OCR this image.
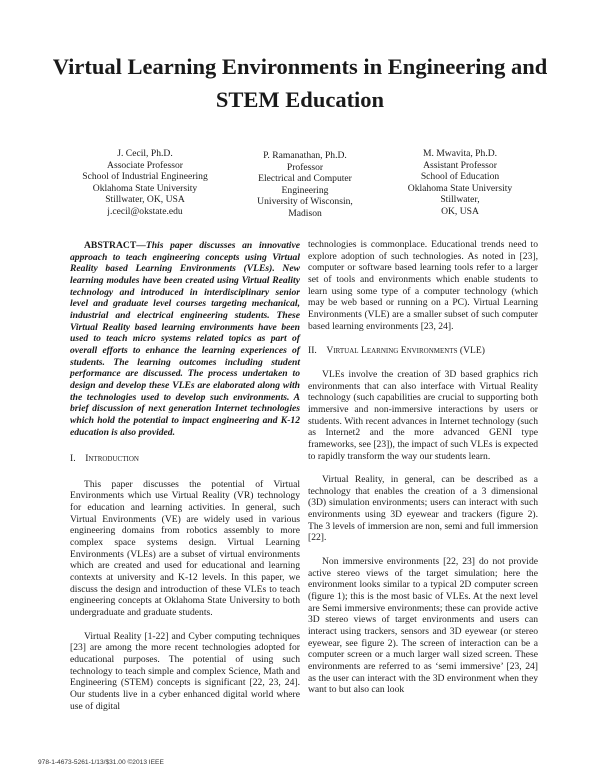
Virtual Learning Environments in Engineering and STEM Education
J. Cecil, Ph.D.
Associate Professor
School of Industrial Engineering
Oklahoma State University
Stillwater, OK, USA
j.cecil@okstate.edu
P. Ramanathan, Ph.D.
Professor
Electrical and Computer
Engineering
University of Wisconsin,
Madison
M. Mwavita, Ph.D.
Assistant Professor
School of Education
Oklahoma State University
Stillwater,
OK, USA

ABSTRACT—This paper discusses an innovative approach to teach engineering concepts using Virtual Reality based Learning Environments (VLEs). New learning modules have been created using Virtual Reality technology and introduced in interdisciplinary senior level and graduate level courses targeting mechanical, industrial and electrical engineering students. These Virtual Reality based learning environments have been used to teach micro systems related topics as part of overall efforts to enhance the learning experiences of students. The learning outcomes including student performance are discussed. The process undertaken to design and develop these VLEs are elaborated along with the technologies used to develop such environments. A brief discussion of next generation Internet technologies which hold the potential to impact engineering and K-12 education is also provided.

I. Introduction

This paper discusses the potential of Virtual Environments which use Virtual Reality (VR) technology for education and learning activities. In general, such Virtual Environments (VE) are widely used in various engineering domains from robotics assembly to more complex space systems design. Virtual Learning Environments (VLEs) are a subset of virtual environments which are created and used for educational and learning contexts at university and K-12 levels. In this paper, we discuss the design and introduction of these VLEs to teach engineering concepts at Oklahoma State University to both undergraduate and graduate students.

Virtual Reality [1-22] and Cyber computing techniques [23] are among the more recent technologies adopted for educational purposes. The potential of using such technology to teach simple and complex Science, Math and Engineering (STEM) concepts is significant [22, 23, 24]. Our students live in a cyber enhanced digital world where use of digital

technologies is commonplace. Educational trends need to explore adoption of such technologies. As noted in [23], computer or software based learning tools refer to a larger set of tools and environments which enable students to learn using some type of a computer technology (which may be web based or running on a PC). Virtual Learning Environments (VLE) are a smaller subset of such computer based learning environments [23, 24].

II. Virtual Learning Environments (VLE)

VLEs involve the creation of 3D based graphics rich environments that can also interface with Virtual Reality technology (such capabilities are crucial to supporting both immersive and non-immersive interactions by users or students. With recent advances in Internet technology (such as Internet2 and the more advanced GENI type frameworks, see [23]), the impact of such VLEs is expected to rapidly transform the way our students learn.

Virtual Reality, in general, can be described as a technology that enables the creation of a 3 dimensional (3D) simulation environments; users can interact with such environments using 3D eyewear and trackers (figure 2). The 3 levels of immersion are non, semi and full immersion [22].

Non immersive environments [22, 23] do not provide active stereo views of the target simulation; here the environment looks similar to a typical 2D computer screen (figure 1); this is the most basic of VLEs. At the next level are Semi immersive environments; these can provide active 3D stereo views of target environments and users can interact using trackers, sensors and 3D eyewear (or stereo eyewear, see figure 2). The screen of interaction can be a computer screen or a much larger wall sized screen. These environments are referred to as ‘semi immersive’ [23, 24] as the user can interact with the 3D environment when they want to but also can look

978-1-4673-5261-1/13/$31.00 ©2013 IEEE
